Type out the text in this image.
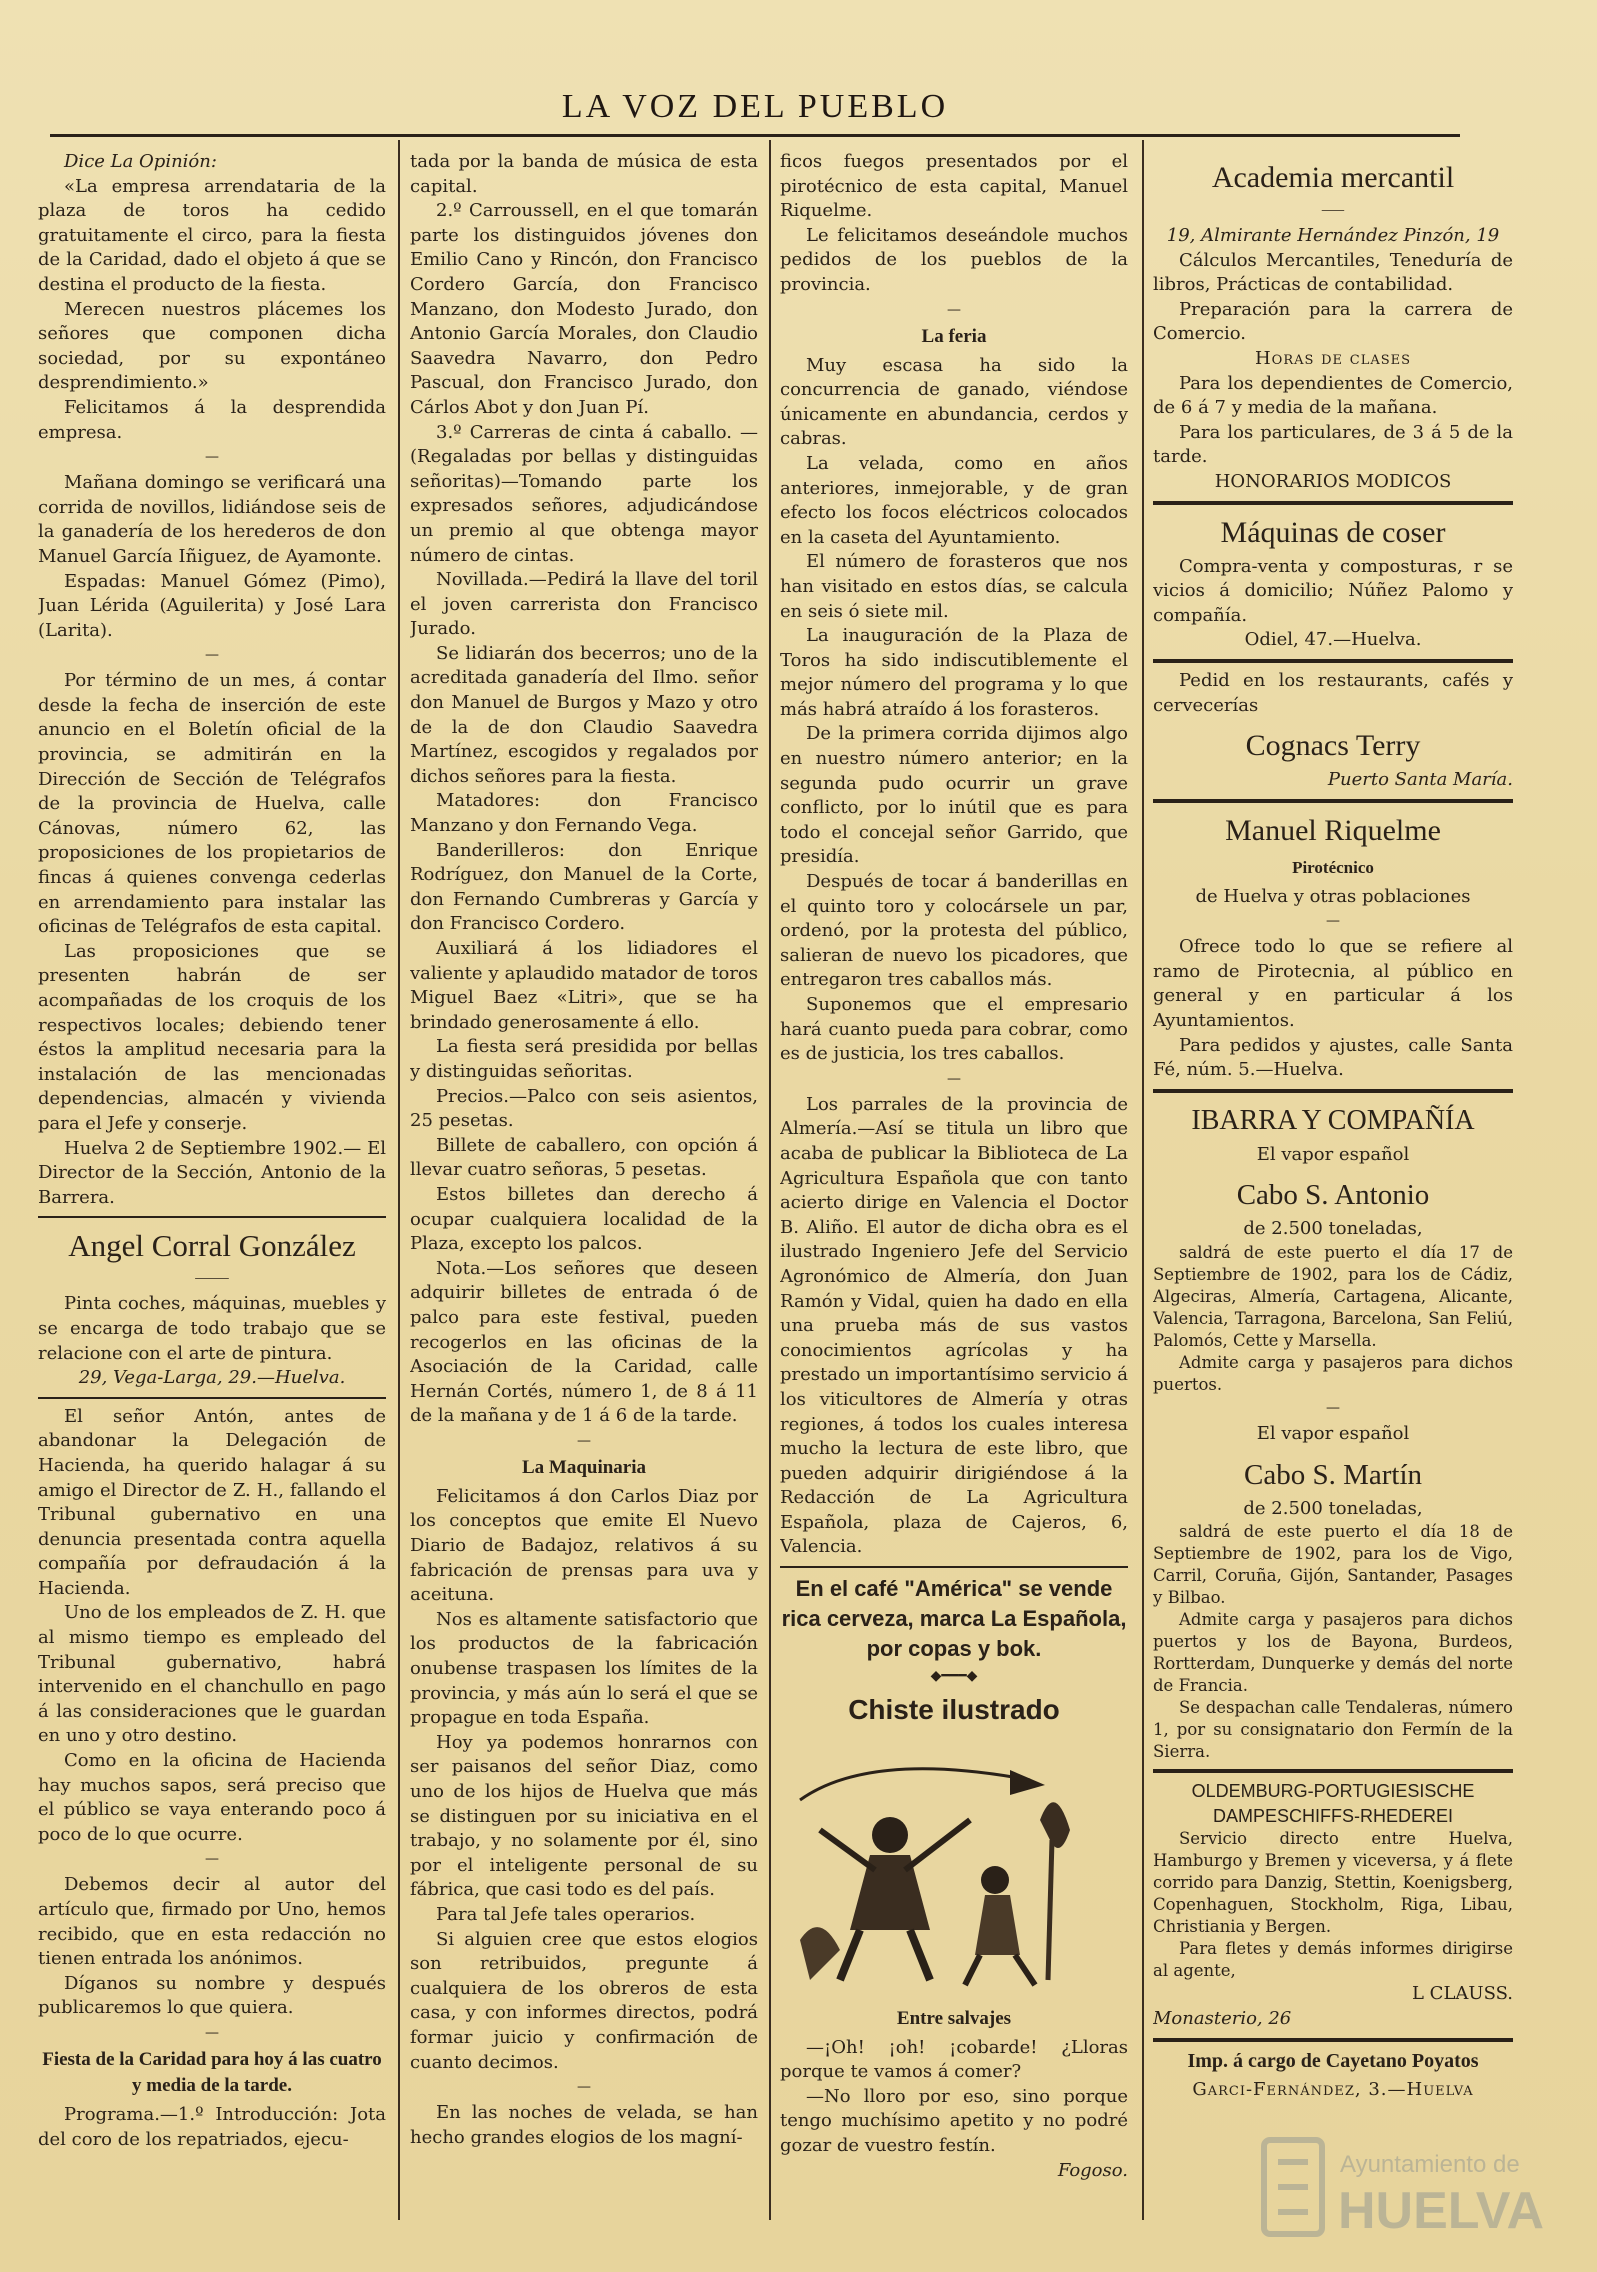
LA VOZ DEL PUEBLO

Dice La Opinión:

«La empresa arrendataria de la plaza de toros ha cedido gratuitamente el circo, para la fiesta de la Caridad, dado el objeto á que se destina el producto de la fiesta.

Merecen nuestros plácemes los señores que componen dicha sociedad, por su expontáneo desprendimiento.»

Felicitamos á la desprendida empresa.

—

Mañana domingo se verificará una corrida de novillos, lidiándose seis de la ganadería de los herederos de don Manuel García Iñiguez, de Ayamonte.

Espadas: Manuel Gómez (Pimo), Juan Lérida (Aguilerita) y José Lara (Larita).

—

Por término de un mes, á contar desde la fecha de inserción de este anuncio en el Boletín oficial de la provincia, se admitirán en la Dirección de Sección de Telégrafos de la provincia de Huelva, calle Cánovas, número 62, las proposiciones de los propietarios de fincas á quienes convenga cederlas en arrendamiento para instalar las oficinas de Telégrafos de esta capital.

Las proposiciones que se presenten habrán de ser acompañadas de los croquis de los respectivos locales; debiendo tener éstos la amplitud necesaria para la instalación de las mencionadas dependencias, almacén y vivienda para el Jefe y conserje.

Huelva 2 de Septiembre 1902.— El Director de la Sección, Antonio de la Barrera.

Angel Corral González
⸻

Pinta coches, máquinas, muebles y se encarga de todo trabajo que se relacione con el arte de pintura.

29, Vega-Larga, 29.—Huelva.

El señor Antón, antes de abandonar la Delegación de Hacienda, ha querido halagar á su amigo el Director de Z. H., fallando el Tribunal gubernativo en una denuncia presentada contra aquella compañía por defraudación á la Hacienda.

Uno de los empleados de Z. H. que al mismo tiempo es empleado del Tribunal gubernativo, habrá intervenido en el chanchullo en pago á las consideraciones que le guardan en uno y otro destino.

Como en la oficina de Hacienda hay muchos sapos, será preciso que el público se vaya enterando poco á poco de lo que ocurre.

—

Debemos decir al autor del artículo que, firmado por Uno, hemos recibido, que en esta redacción no tienen entrada los anónimos.

Díganos su nombre y después publicaremos lo que quiera.

—
Fiesta de la Caridad para hoy á las cuatro y media de la tarde.

Programa.—1.º Introducción: Jota del coro de los repatriados, ejecu-

tada por la banda de música de esta capital.

2.º Carroussell, en el que tomarán parte los distinguidos jóvenes don Emilio Cano y Rincón, don Francisco Cordero García, don Francisco Manzano, don Modesto Jurado, don Antonio García Morales, don Claudio Saavedra Navarro, don Pedro Pascual, don Francisco Jurado, don Cárlos Abot y don Juan Pí.

3.º Carreras de cinta á caballo. —(Regaladas por bellas y distinguidas señoritas)—Tomando parte los expresados señores, adjudicándose un premio al que obtenga mayor número de cintas.

Novillada.—Pedirá la llave del toril el joven carrerista don Francisco Jurado.

Se lidiarán dos becerros; uno de la acreditada ganadería del Ilmo. señor don Manuel de Burgos y Mazo y otro de la de don Claudio Saavedra Martínez, escogidos y regalados por dichos señores para la fiesta.

Matadores: don Francisco Manzano y don Fernando Vega.

Banderilleros: don Enrique Rodríguez, don Manuel de la Corte, don Fernando Cumbreras y García y don Francisco Cordero.

Auxiliará á los lidiadores el valiente y aplaudido matador de toros Miguel Baez «Litri», que se ha brindado generosamente á ello.

La fiesta será presidida por bellas y distinguidas señoritas.

Precios.—Palco con seis asientos, 25 pesetas.

Billete de caballero, con opción á llevar cuatro señoras, 5 pesetas.

Estos billetes dan derecho á ocupar cualquiera localidad de la Plaza, excepto los palcos.

Nota.—Los señores que deseen adquirir billetes de entrada ó de palco para este festival, pueden recogerlos en las oficinas de la Asociación de la Caridad, calle Hernán Cortés, número 1, de 8 á 11 de la mañana y de 1 á 6 de la tarde.

—
La Maquinaria

Felicitamos á don Carlos Diaz por los conceptos que emite El Nuevo Diario de Badajoz, relativos á su fabricación de prensas para uva y aceituna.

Nos es altamente satisfactorio que los productos de la fabricación onubense traspasen los límites de la provincia, y más aún lo será el que se propague en toda España.

Hoy ya podemos honrarnos con ser paisanos del señor Diaz, como uno de los hijos de Huelva que más se distinguen por su iniciativa en el trabajo, y no solamente por él, sino por el inteligente personal de su fábrica, que casi todo es del país.

Para tal Jefe tales operarios.

Si alguien cree que estos elogios son retribuidos, pregunte á cualquiera de los obreros de esta casa, y con informes directos, podrá formar juicio y confirmación de cuanto decimos.

—

En las noches de velada, se han hecho grandes elogios de los magní-

ficos fuegos presentados por el pirotécnico de esta capital, Manuel Riquelme.

Le felicitamos deseándole muchos pedidos de los pueblos de la provincia.

—
La feria

Muy escasa ha sido la concurrencia de ganado, viéndose únicamente en abundancia, cerdos y cabras.

La velada, como en años anteriores, inmejorable, y de gran efecto los focos eléctricos colocados en la caseta del Ayuntamiento.

El número de forasteros que nos han visitado en estos días, se calcula en seis ó siete mil.

La inauguración de la Plaza de Toros ha sido indiscutiblemente el mejor número del programa y lo que más habrá atraído á los forasteros.

De la primera corrida dijimos algo en nuestro número anterior; en la segunda pudo ocurrir un grave conflicto, por lo inútil que es para todo el concejal señor Garrido, que presidía.

Después de tocar á banderillas en el quinto toro y colocársele un par, ordenó, por la protesta del público, salieran de nuevo los picadores, que entregaron tres caballos más.

Suponemos que el empresario hará cuanto pueda para cobrar, como es de justicia, los tres caballos.

—

Los parrales de la provincia de Almería.—Así se titula un libro que acaba de publicar la Biblioteca de La Agricultura Española que con tanto acierto dirige en Valencia el Doctor B. Aliño. El autor de dicha obra es el ilustrado Ingeniero Jefe del Servicio Agronómico de Almería, don Juan Ramón y Vidal, quien ha dado en ella una prueba más de sus vastos conocimientos agrícolas y ha prestado un importantísimo servicio á los viticultores de Almería y otras regiones, á todos los cuales interesa mucho la lectura de este libro, que pueden adquirir dirigiéndose á la Redacción de La Agricultura Española, plaza de Cajeros, 6, Valencia.

En el café "América" se vende rica cerveza, marca La Española, por copas y bok.
◆━━━◆
Chiste ilustrado
Entre salvajes

—¡Oh! ¡oh! ¡cobarde! ¿Lloras porque te vamos á comer?

—No lloro por eso, sino porque tengo muchísimo apetito y no podré gozar de vuestro festín.

Fogoso.

Academia mercantil
⸺

19, Almirante Hernández Pinzón, 19

Cálculos Mercantiles, Teneduría de libros, Prácticas de contabilidad.

Preparación para la carrera de Comercio.

Horas de clases

Para los dependientes de Comercio, de 6 á 7 y media de la mañana.

Para los particulares, de 3 á 5 de la tarde.

HONORARIOS MODICOS

Máquinas de coser

Compra-venta y composturas, r se vicios á domicilio; Núñez Palomo y compañía.

Odiel, 47.—Huelva.

Pedid en los restaurants, cafés y cervecerías

Cognacs Terry

Puerto Santa María.

Manuel Riquelme
Pirotécnico

de Huelva y otras poblaciones

—

Ofrece todo lo que se refiere al ramo de Pirotecnia, al público en general y en particular á los Ayuntamientos.

Para pedidos y ajustes, calle Santa Fé, núm. 5.—Huelva.

IBARRA Y COMPAÑÍA

El vapor español

Cabo S. Antonio

de 2.500 toneladas,

saldrá de este puerto el día 17 de Septiembre de 1902, para los de Cádiz, Algeciras, Almería, Cartagena, Alicante, Valencia, Tarragona, Barcelona, San Feliú, Palomós, Cette y Marsella.

Admite carga y pasajeros para dichos puertos.

—

El vapor español

Cabo S. Martín

de 2.500 toneladas,

saldrá de este puerto el día 18 de Septiembre de 1902, para los de Vigo, Carril, Coruña, Gijón, Santander, Pasages y Bilbao.

Admite carga y pasajeros para dichos puertos y los de Bayona, Burdeos, Rortterdam, Dunquerke y demás del norte de Francia.

Se despachan calle Tendaleras, número 1, por su consignatario don Fermín de la Sierra.

OLDEMBURG-PORTUGIESISCHE

DAMPESCHIFFS-RHEDEREI

Servicio directo entre Huelva, Hamburgo y Bremen y viceversa, y á flete corrido para Danzig, Stettin, Koenigsberg, Copenhaguen, Stockholm, Riga, Libau, Christiania y Bergen.

Para fletes y demás informes dirigirse al agente,

L CLAUSS.

Monasterio, 26

Imp. á cargo de Cayetano Poyatos

Garci-Fernández, 3.—Huelva

Ayuntamiento de
HUELVA
